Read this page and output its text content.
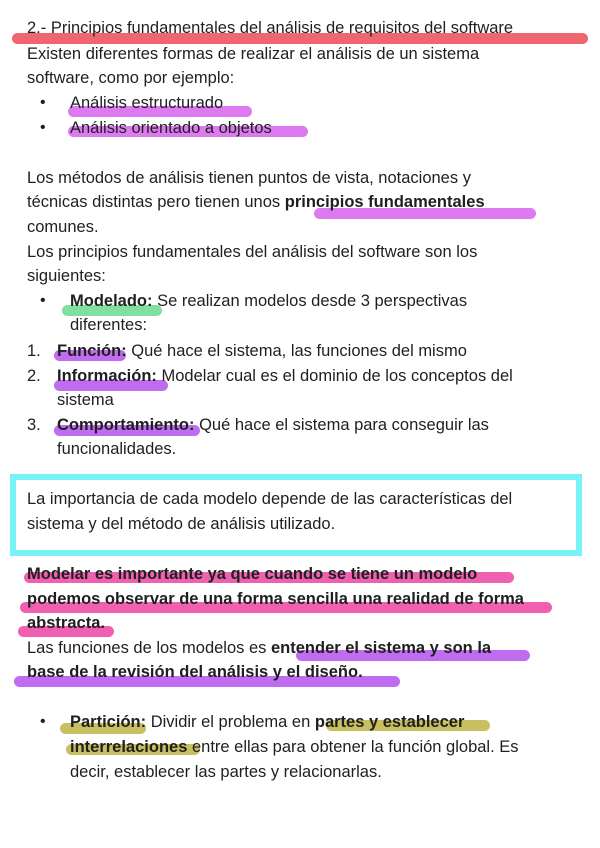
2.- Principios fundamentales del análisis de requisitos del software
Existen diferentes formas de realizar el análisis de un sistema
software, como por ejemplo:
• Análisis estructurado
• Análisis orientado a objetos
Los métodos de análisis tienen puntos de vista, notaciones y
técnicas distintas pero tienen unos principios fundamentales
comunes.
Los principios fundamentales del análisis del software son los
siguientes:
• Modelado: Se realizan modelos desde 3 perspectivas
diferentes:
1. Función: Qué hace el sistema, las funciones del mismo
2. Información: Modelar cual es el dominio de los conceptos del
sistema
3. Comportamiento: Qué hace el sistema para conseguir las
funcionalidades.
La importancia de cada modelo depende de las características del
sistema y del método de análisis utilizado.
Modelar es importante ya que cuando se tiene un modelo
podemos observar de una forma sencilla una realidad de forma
abstracta.
Las funciones de los modelos es entender el sistema y son la
base de la revisión del análisis y el diseño.
• Partición: Dividir el problema en partes y establecer
interrelaciones entre ellas para obtener la función global. Es
decir, establecer las partes y relacionarlas.
